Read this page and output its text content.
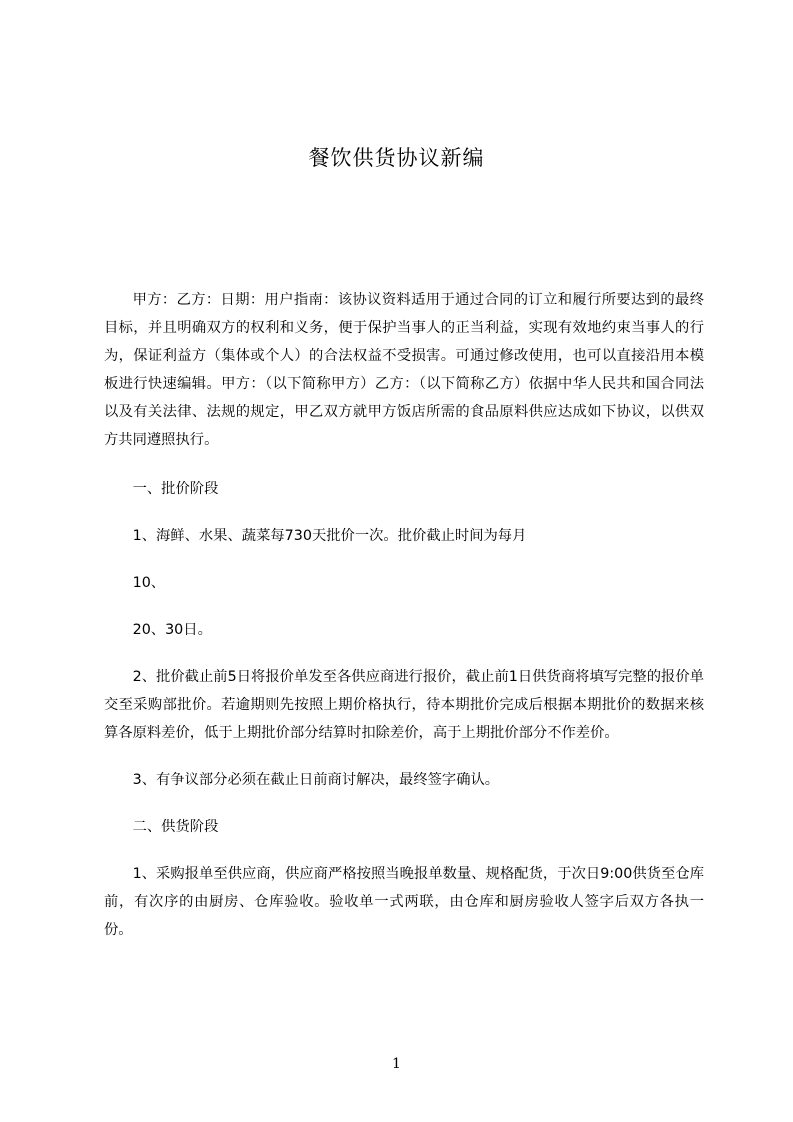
餐饮供货协议新编

甲方：乙方：日期：用户指南：该协议资料适用于通过合同的订立和履行所要达到的最终目标，并且明确双方的权利和义务，便于保护当事人的正当利益，实现有效地约束当事人的行为，保证利益方（集体或个人）的合法权益不受损害。可通过修改使用，也可以直接沿用本模板进行快速编辑。甲方：（以下简称甲方）乙方：（以下简称乙方）依据中华人民共和国合同法以及有关法律、法规的规定，甲乙双方就甲方饭店所需的食品原料供应达成如下协议，以供双方共同遵照执行。

一、批价阶段

1、海鲜、水果、蔬菜每730天批价一次。批价截止时间为每月

10、

20、30日。

2、批价截止前5日将报价单发至各供应商进行报价，截止前1日供货商将填写完整的报价单交至采购部批价。若逾期则先按照上期价格执行，待本期批价完成后根据本期批价的数据来核算各原料差价，低于上期批价部分结算时扣除差价，高于上期批价部分不作差价。

3、有争议部分必须在截止日前商讨解决，最终签字确认。

二、供货阶段

1、采购报单至供应商，供应商严格按照当晚报单数量、规格配货，于次日9:00供货至仓库前，有次序的由厨房、仓库验收。验收单一式两联，由仓库和厨房验收人签字后双方各执一份。

1
